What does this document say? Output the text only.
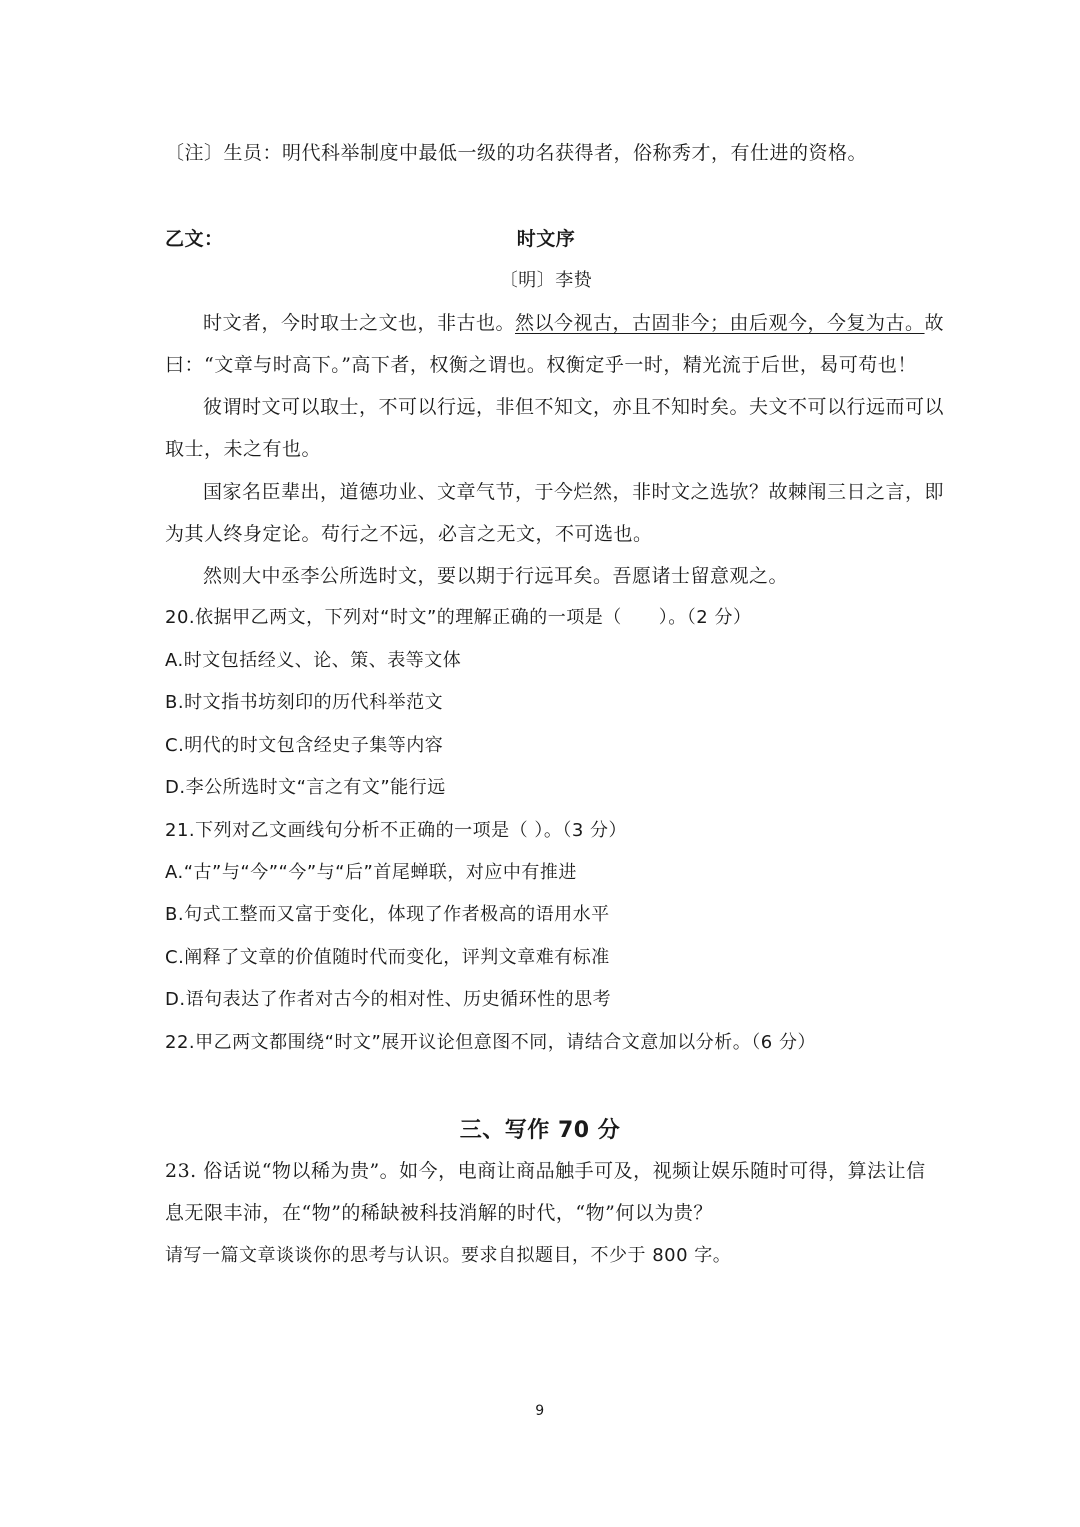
〔注〕生员：明代科举制度中最低一级的功名获得者，俗称秀才，有仕进的资格。
乙文：	时文序
〔明〕李贽
时文者，今时取士之文也，非古也。然以今视古，古固非今；由后观今，今复为古。故
曰：“文章与时高下。”高下者，权衡之谓也。权衡定乎一时，精光流于后世，曷可苟也！
彼谓时文可以取士，不可以行远，非但不知文，亦且不知时矣。夫文不可以行远而可以
取士，未之有也。
国家名臣辈出，道德功业、文章气节，于今烂然，非时文之选欤？故棘闱三日之言，即
为其人终身定论。苟行之不远，必言之无文，不可选也。
然则大中丞李公所选时文，要以期于行远耳矣。吾愿诸士留意观之。
20.依据甲乙两文，下列对“时文”的理解正确的一项是（　　）。（2 分）
A.时文包括经义、论、策、表等文体
B.时文指书坊刻印的历代科举范文
C.明代的时文包含经史子集等内容
D.李公所选时文“言之有文”能行远
21.下列对乙文画线句分析不正确的一项是（ ）。（3 分）
A.“古”与“今”“今”与“后”首尾蝉联，对应中有推进
B.句式工整而又富于变化，体现了作者极高的语用水平
C.阐释了文章的价值随时代而变化，评判文章难有标准
D.语句表达了作者对古今的相对性、历史循环性的思考
22.甲乙两文都围绕“时文”展开议论但意图不同，请结合文意加以分析。（6 分）
三、写作 70 分
23. 俗话说“物以稀为贵”。如今，电商让商品触手可及，视频让娱乐随时可得，算法让信
息无限丰沛，在“物”的稀缺被科技消解的时代，“物”何以为贵？
请写一篇文章谈谈你的思考与认识。要求自拟题目，不少于 800 字。
9
